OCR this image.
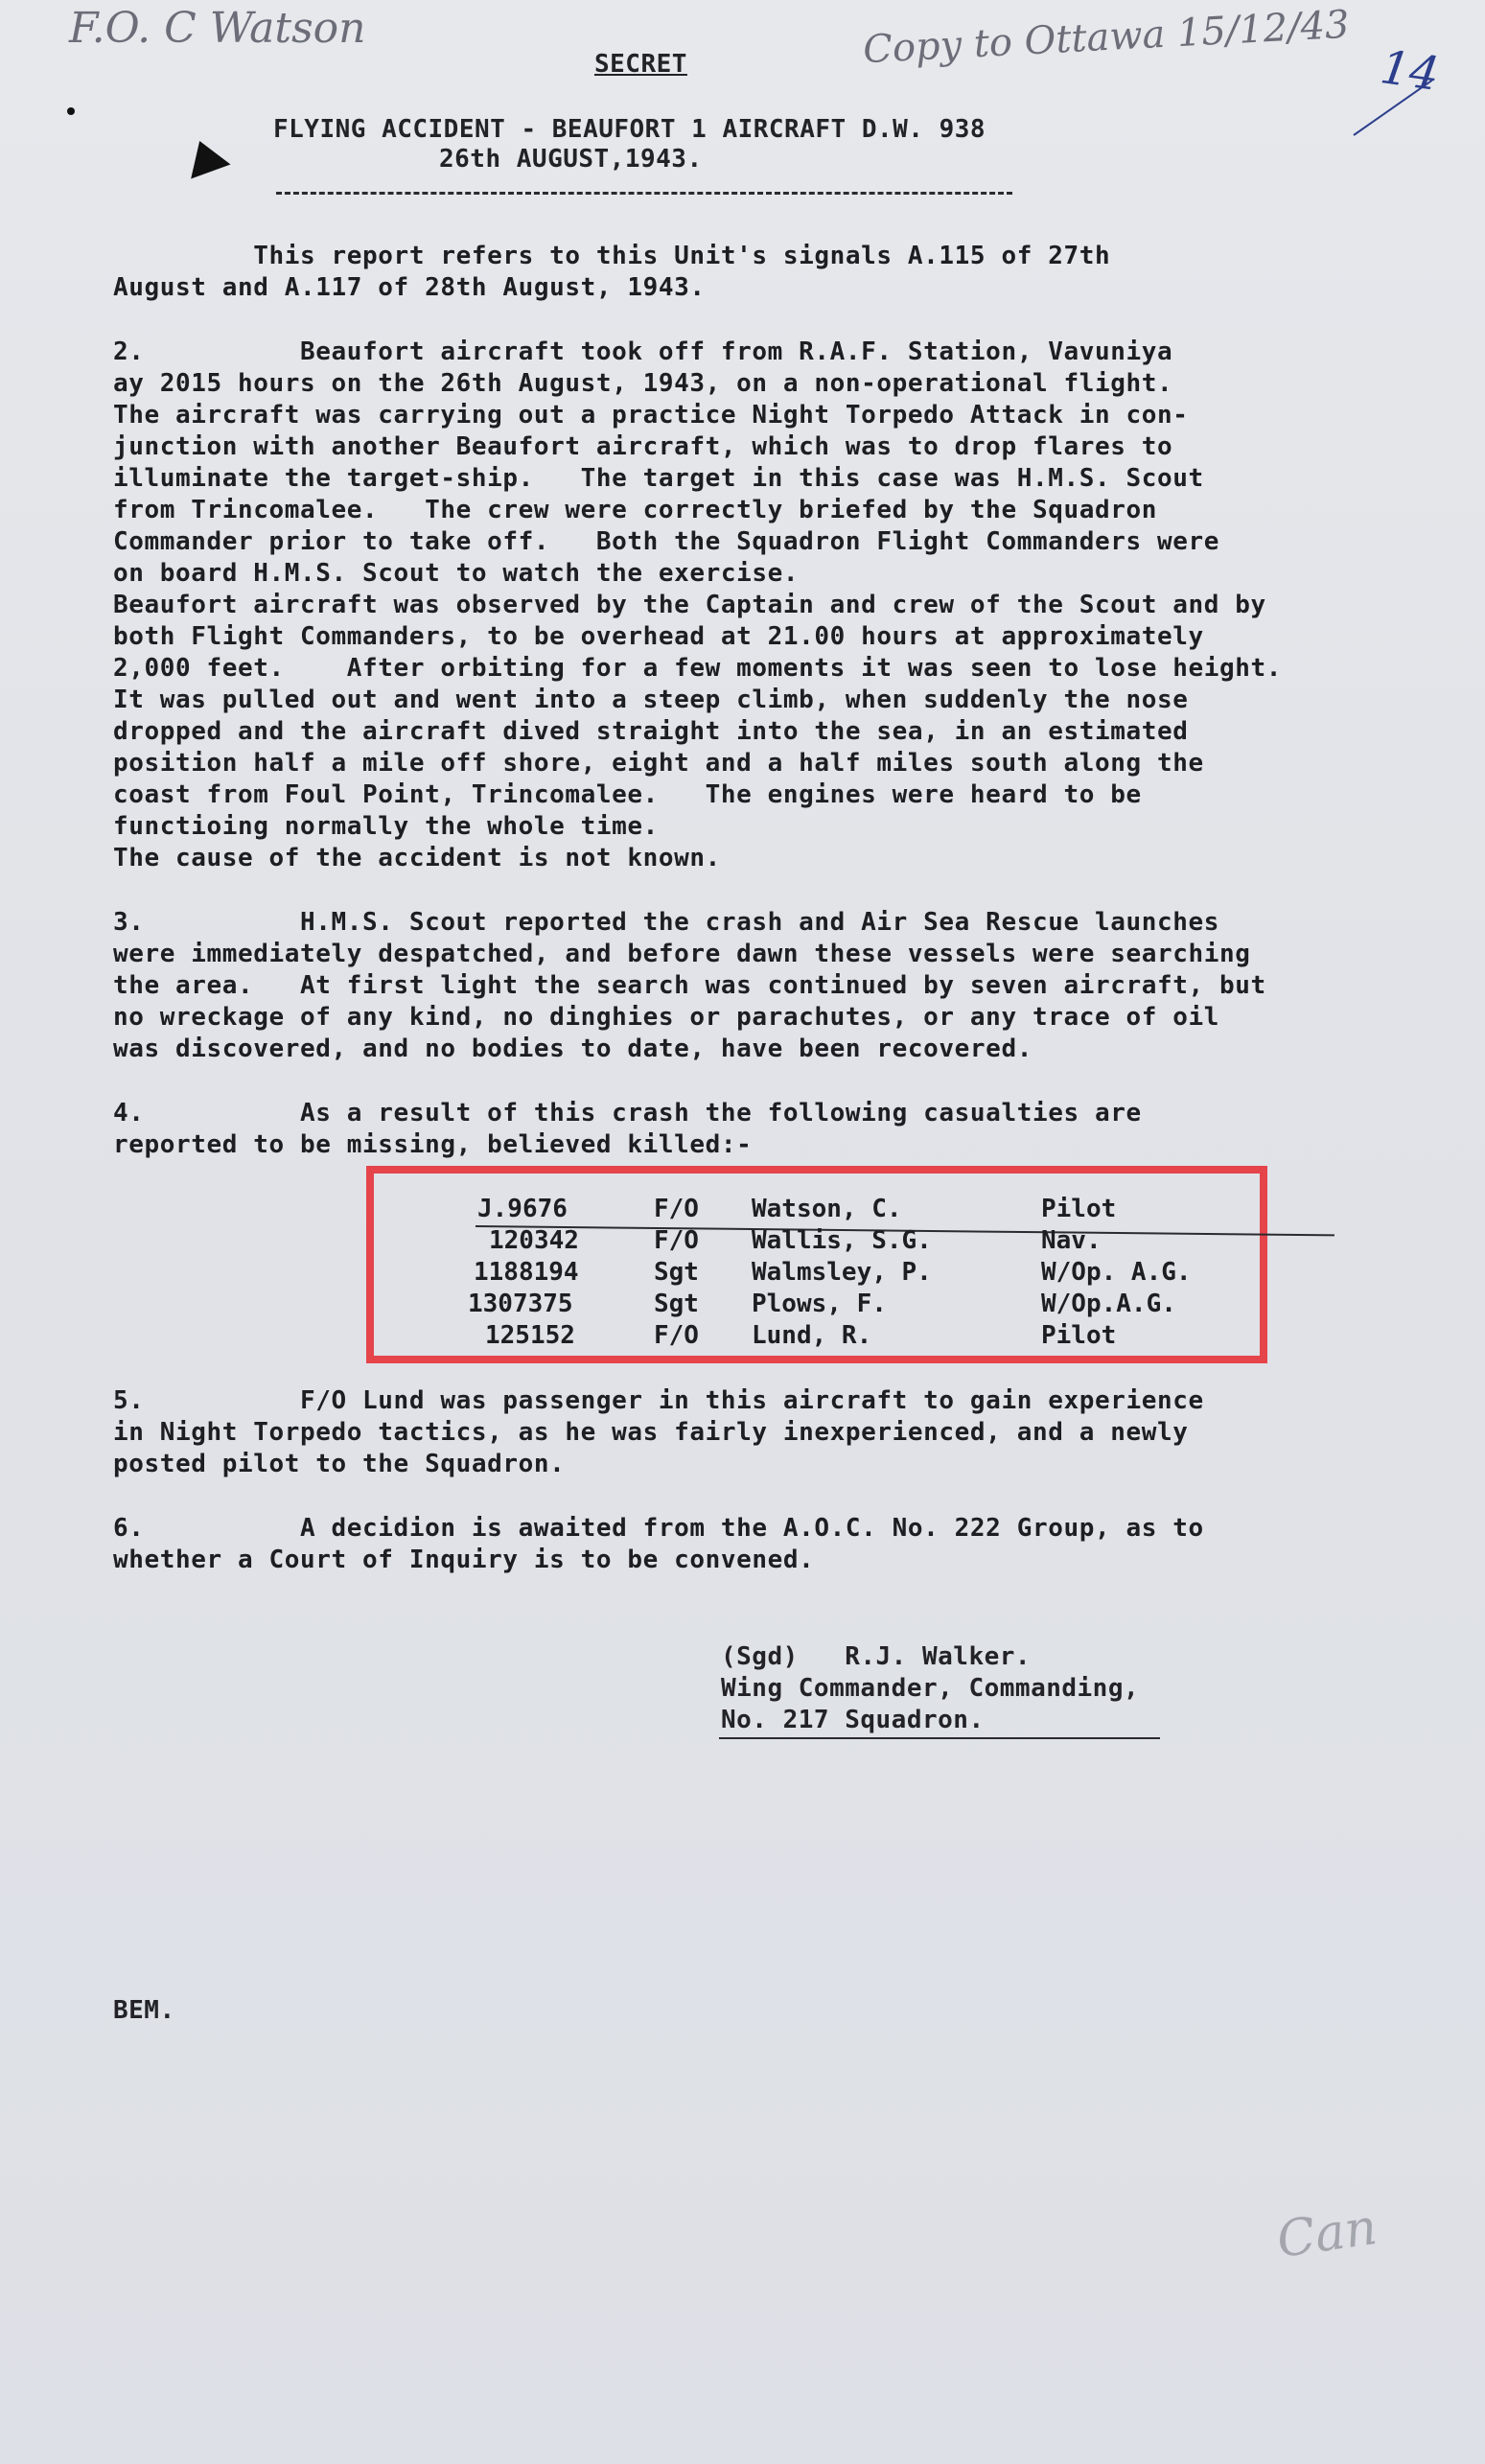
F.O. C Watson	Copy to Ottawa 15/12/43 14
Can
SECRET
FLYING ACCIDENT - BEAUFORT 1 AIRCRAFT D.W. 938
26th AUGUST,1943.
This report refers to this Unit's signals A.115 of 27th
August and A.117 of 28th August, 1943.
2.          Beaufort aircraft took off from R.A.F. Station, Vavuniya
ay 2015 hours on the 26th August, 1943, on a non-operational flight.
The aircraft was carrying out a practice Night Torpedo Attack in con-
junction with another Beaufort aircraft, which was to drop flares to
illuminate the target-ship.   The target in this case was H.M.S. Scout
from Trincomalee.   The crew were correctly briefed by the Squadron
Commander prior to take off.   Both the Squadron Flight Commanders were
on board H.M.S. Scout to watch the exercise.
Beaufort aircraft was observed by the Captain and crew of the Scout and by
both Flight Commanders, to be overhead at 21.00 hours at approximately
2,000 feet.    After orbiting for a few moments it was seen to lose height.
It was pulled out and went into a steep climb, when suddenly the nose
dropped and the aircraft dived straight into the sea, in an estimated
position half a mile off shore, eight and a half miles south along the
coast from Foul Point, Trincomalee.   The engines were heard to be
functioing normally the whole time.
The cause of the accident is not known.
3.          H.M.S. Scout reported the crash and Air Sea Rescue launches
were immediately despatched, and before dawn these vessels were searching
the area.   At first light the search was continued by seven aircraft, but
no wreckage of any kind, no dinghies or parachutes, or any trace of oil
was discovered, and no bodies to date, have been recovered.
4.          As a result of this crash the following casualties are
reported to be missing, believed killed:-
J.9676	F/O Watson, C.	Pilot
120342	F/O Wallis, S.G.	Nav.
1188194	Sgt Walmsley, P.	W/Op. A.G.
1307375	Sgt Plows, F.	W/Op.A.G.
125152	F/O Lund, R.	Pilot
5.          F/O Lund was passenger in this aircraft to gain experience
in Night Torpedo tactics, as he was fairly inexperienced, and a newly
posted pilot to the Squadron.
6.          A decidion is awaited from the A.O.C. No. 222 Group, as to
whether a Court of Inquiry is to be convened.
(Sgd)   R.J. Walker.
Wing Commander, Commanding,
No. 217 Squadron.
BEM.
